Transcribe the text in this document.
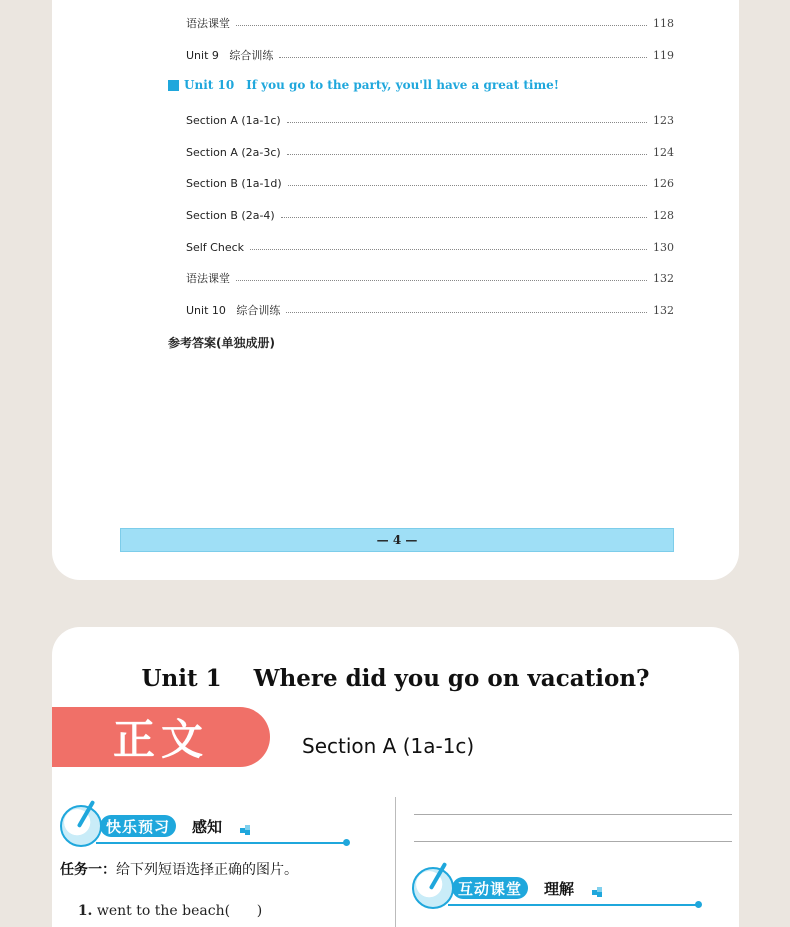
语法课堂	118
Unit 9   综合训练	119
Unit 10 If you go to the party, you'll have a great time!
Section A (1a-1c)	123
Section A (2a-3c)	124
Section B (1a-1d)	126
Section B (2a-4)	128
Self Check	130
语法课堂	132
Unit 10   综合训练	132
参考答案(单独成册)
— 4 —
Unit 1    Where did you go on vacation?
正文	Section A (1a-1c)
快乐预习	感知
互动课堂	理解
任务一：给下列短语选择正确的图片。

1. went to the beach(      )
